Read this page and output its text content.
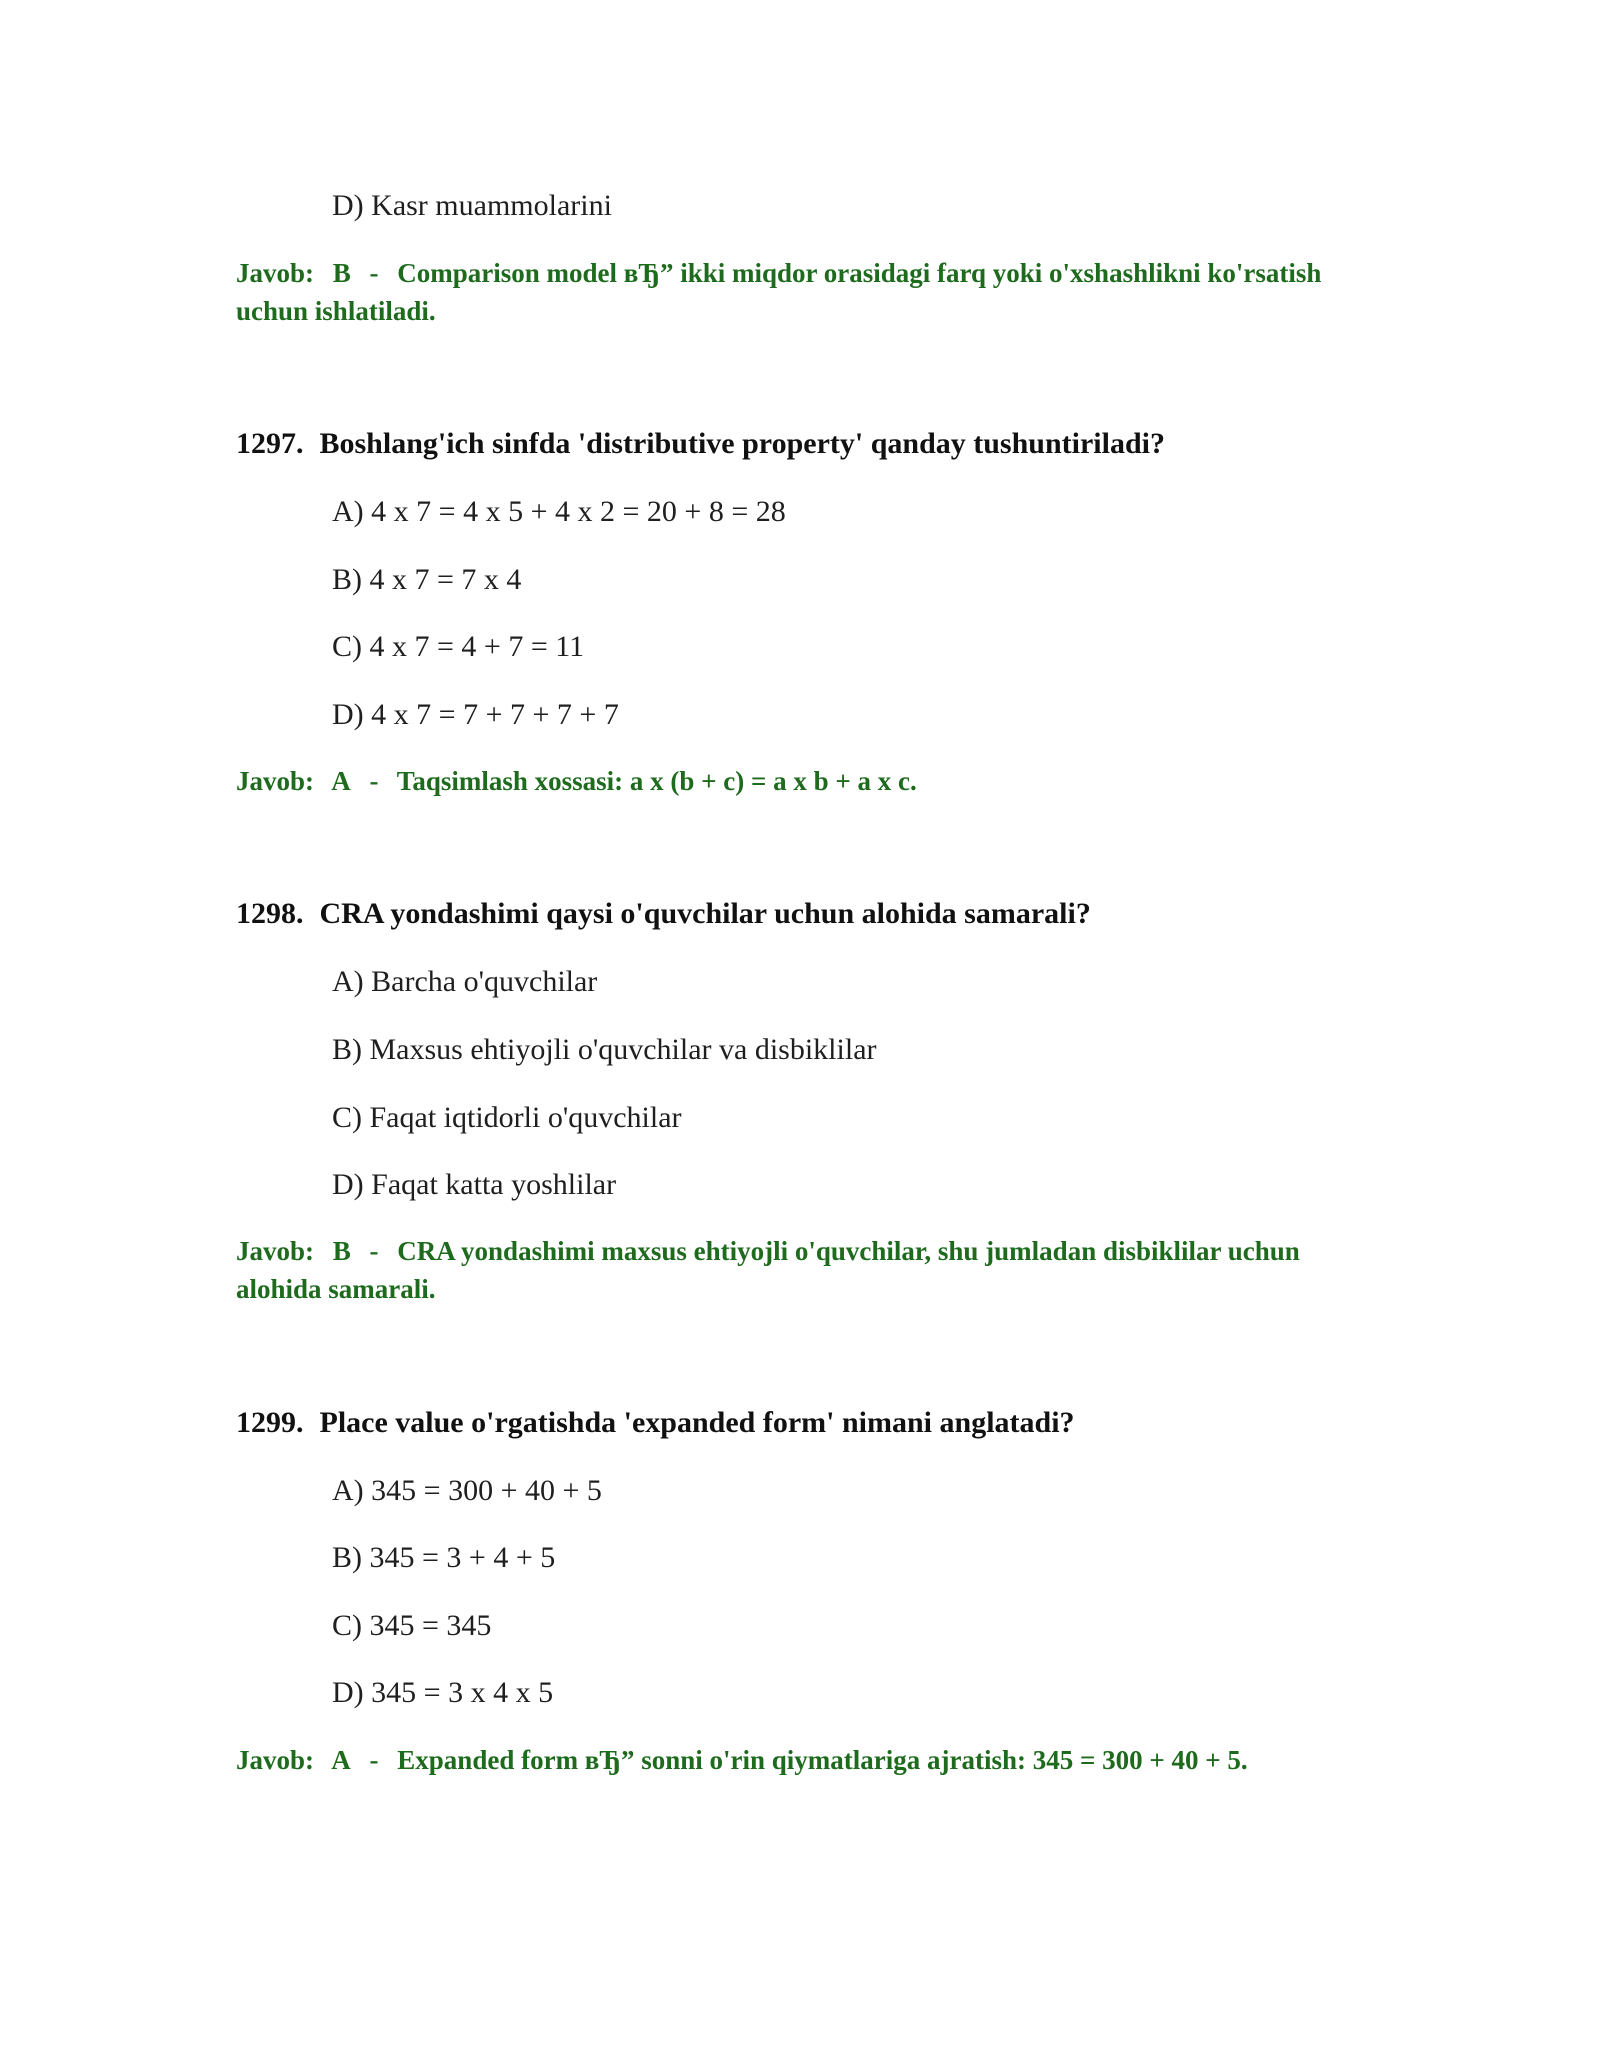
D) Kasr muammolarini
Javob: B - Comparison model вЂ” ikki miqdor orasidagi farq yoki o'xshashlikni ko'rsatish uchun ishlatiladi.
1297. Boshlang'ich sinfda 'distributive property' qanday tushuntiriladi?
A) 4 x 7 = 4 x 5 + 4 x 2 = 20 + 8 = 28
B) 4 x 7 = 7 x 4
C) 4 x 7 = 4 + 7 = 11
D) 4 x 7 = 7 + 7 + 7 + 7
Javob: A - Taqsimlash xossasi: a x (b + c) = a x b + a x c.
1298. CRA yondashimi qaysi o'quvchilar uchun alohida samarali?
A) Barcha o'quvchilar
B) Maxsus ehtiyojli o'quvchilar va disbiklilar
C) Faqat iqtidorli o'quvchilar
D) Faqat katta yoshlilar
Javob: B - CRA yondashimi maxsus ehtiyojli o'quvchilar, shu jumladan disbiklilar uchun alohida samarali.
1299. Place value o'rgatishda 'expanded form' nimani anglatadi?
A) 345 = 300 + 40 + 5
B) 345 = 3 + 4 + 5
C) 345 = 345
D) 345 = 3 x 4 x 5
Javob: A - Expanded form вЂ” sonni o'rin qiymatlariga ajratish: 345 = 300 + 40 + 5.
